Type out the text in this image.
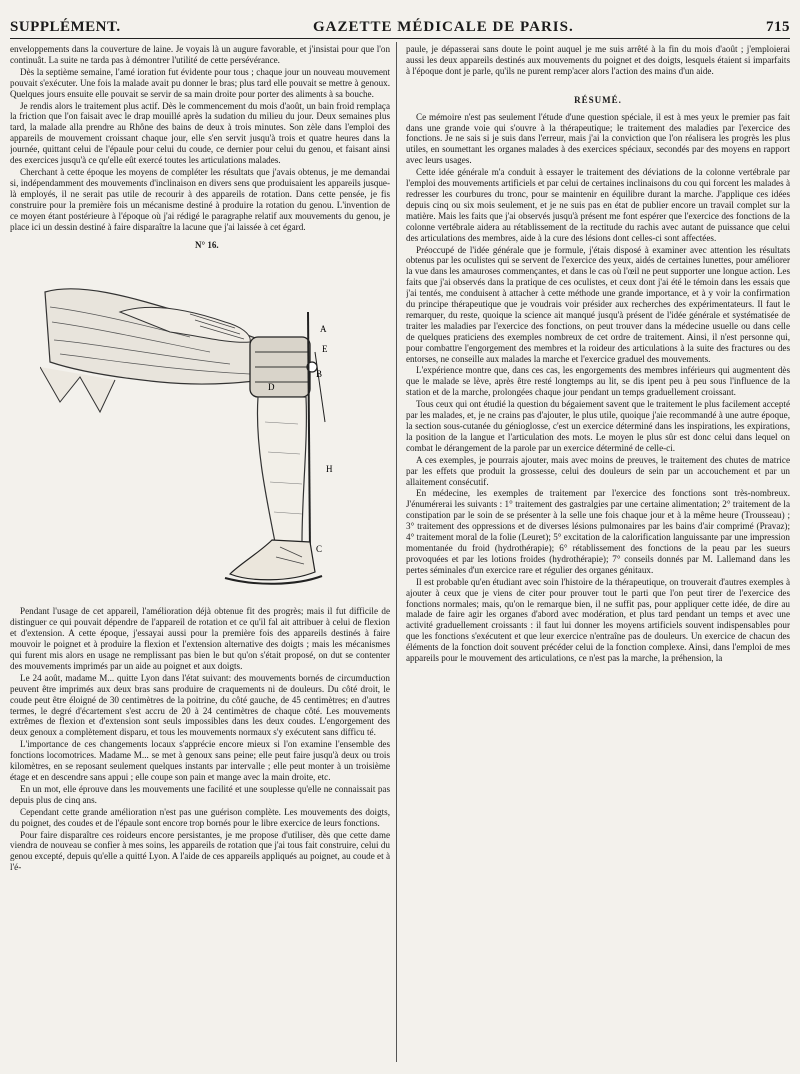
SUPPLÉMENT.	GAZETTE MÉDICALE DE PARIS.	715

enveloppements dans la couverture de laine. Je voyais là un augure favorable, et j'insistai pour que l'on continuât. La suite ne tarda pas à démontrer l'utilité de cette persévérance.

Dès la septième semaine, l'amé ioration fut évidente pour tous ; chaque jour un nouveau mouvement pouvait s'exécuter. Une fois la malade avait pu donner le bras; plus tard elle pouvait se mettre à genoux. Quelques jours ensuite elle pouvait se servir de sa main droite pour porter des aliments à sa bouche.

Je rendis alors le traitement plus actif. Dès le commencement du mois d'août, un bain froid remplaça la friction que l'on faisait avec le drap mouillé après la sudation du milieu du jour. Deux semaines plus tard, la malade alla prendre au Rhône des bains de deux à trois minutes. Son zèle dans l'emploi des appareils de mouvement croissant chaque jour, elle s'en servit jusqu'à trois et quatre heures dans la journée, quittant celui de l'épaule pour celui du coude, ce dernier pour celui du genou, et faisant ainsi des exercices jusqu'à ce qu'elle eût exercé toutes les articulations malades.

Cherchant à cette époque les moyens de compléter les résultats que j'avais obtenus, je me demandai si, indépendamment des mouvements d'inclinaison en divers sens que produisaient les appareils jusque-là employés, il ne serait pas utile de recourir à des appareils de rotation. Dans cette pensée, je fis construire pour la première fois un mécanisme destiné à produire la rotation du genou. L'invention de ce moyen étant postérieure à l'époque où j'ai rédigé le paragraphe relatif aux mouvements du genou, je place ici un dessin destiné à faire disparaître la lacune que j'ai laissée à cet égard.

N° 16.
A
E
B
D
H
C

Pendant l'usage de cet appareil, l'amélioration déjà obtenue fit des progrès; mais il fut difficile de distinguer ce qui pouvait dépendre de l'appareil de rotation et ce qu'il fal ait attribuer à celui de flexion et d'extension. A cette époque, j'essayai aussi pour la première fois des appareils destinés à faire mouvoir le poignet et à produire la flexion et l'extension alternative des doigts ; mais les mécanismes qui furent mis alors en usage ne remplissant pas bien le but qu'on s'était proposé, on dut se contenter des mouvements imprimés par un aide au poignet et aux doigts.

Le 24 août, madame M... quitte Lyon dans l'état suivant: des mouvements bornés de circumduction peuvent être imprimés aux deux bras sans produire de craquements ni de douleurs. Du côté droit, le coude peut être éloigné de 30 centimètres de la poitrine, du côté gauche, de 45 centimètres; en d'autres termes, le degré d'écartement s'est accru de 20 à 24 centimètres de chaque côté. Les mouvements extrêmes de flexion et d'extension sont seuls impossibles dans les deux coudes. L'engorgement des deux genoux a complètement disparu, et tous les mouvements normaux s'y exécutent sans difficu té.

L'importance de ces changements locaux s'apprécie encore mieux si l'on examine l'ensemble des fonctions locomotrices. Madame M... se met à genoux sans peine; elle peut faire jusqu'à deux ou trois kilomètres, en se reposant seulement quelques instants par intervalle ; elle peut monter à un troisième étage et en descendre sans appui ; elle coupe son pain et mange avec la main droite, etc.

En un mot, elle éprouve dans les mouvements une facilité et une souplesse qu'elle ne connaissait pas depuis plus de cinq ans.

Cependant cette grande amélioration n'est pas une guérison complète. Les mouvements des doigts, du poignet, des coudes et de l'épaule sont encore trop bornés pour le libre exercice de leurs fonctions.

Pour faire disparaître ces roideurs encore persistantes, je me propose d'utiliser, dès que cette dame viendra de nouveau se confier à mes soins, les appareils de rotation que j'ai tous fait construire, celui du genou excepté, depuis qu'elle a quitté Lyon. A l'aide de ces appareils appliqués au poignet, au coude et à l'é-

paule, je dépasserai sans doute le point auquel je me suis arrêté à la fin du mois d'août ; j'emploierai aussi les deux appareils destinés aux mouvements du poignet et des doigts, lesquels étaient si imparfaits à l'époque dont je parle, qu'ils ne purent remp'acer alors l'action des mains d'un aide.

RÉSUMÉ.

Ce mémoire n'est pas seulement l'étude d'une question spéciale, il est à mes yeux le premier pas fait dans une grande voie qui s'ouvre à la thérapeutique; le traitement des maladies par l'exercice des fonctions. Je ne sais si je suis dans l'erreur, mais j'ai la conviction que l'on réalisera les progrès les plus utiles, en soumettant les organes malades à des exercices spéciaux, secondés par des moyens en rapport avec leurs usages.

Cette idée générale m'a conduit à essayer le traitement des déviations de la colonne vertébrale par l'emploi des mouvements artificiels et par celui de certaines inclinaisons du cou qui forcent les malades à redresser les courbures du tronc, pour se maintenir en équilibre durant la marche. J'applique ces idées depuis cinq ou six mois seulement, et je ne suis pas en état de publier encore un travail complet sur la matière. Mais les faits que j'ai observés jusqu'à présent me font espérer que l'exercice des fonctions de la colonne vertébrale aidera au rétablissement de la rectitude du rachis avec autant de puissance que celui des articulations des membres, aide à la cure des lésions dont celles-ci sont affectées.

Préoccupé de l'idée générale que je formule, j'étais disposé à examiner avec attention les résultats obtenus par les oculistes qui se servent de l'exercice des yeux, aidés de certaines lunettes, pour améliorer la vue dans les amauroses commençantes, et dans le cas où l'œil ne peut supporter une longue action. Les faits que j'ai observés dans la pratique de ces oculistes, et ceux dont j'ai été le témoin dans les essais que j'ai tentés, me conduisent à attacher à cette méthode une grande importance, et à y voir la confirmation du principe thérapeutique que je voudrais voir présider aux recherches des expérimentateurs. Il faut le remarquer, du reste, quoique la science ait manqué jusqu'à présent de l'idée générale et systématisée de traiter les maladies par l'exercice des fonctions, on peut trouver dans la médecine usuelle ou dans celle de quelques praticiens des exemples nombreux de cet ordre de traitement. Ainsi, il n'est personne qui, pour combattre l'engorgement des membres et la roideur des articulations à la suite des fractures ou des entorses, ne conseille aux malades la marche et l'exercice graduel des mouvements.

L'expérience montre que, dans ces cas, les engorgements des membres inférieurs qui augmentent dès que le malade se lève, après être resté longtemps au lit, se dis ipent peu à peu sous l'influence de la station et de la marche, prolongées chaque jour pendant un temps graduellement croissant.

Tous ceux qui ont étudié la question du bégaiement savent que le traitement le plus facilement accepté par les malades, et, je ne crains pas d'ajouter, le plus utile, quoique j'aie recommandé à une autre époque, la section sous-cutanée du génioglosse, c'est un exercice déterminé dans les inspirations, les expirations, la position de la langue et l'articulation des mots. Le moyen le plus sûr est donc celui dans lequel on combat le dérangement de la parole par un exercice déterminé de celle-ci.

A ces exemples, je pourrais ajouter, mais avec moins de preuves, le traitement des chutes de matrice par les effets que produit la grossesse, celui des douleurs de sein par un accouchement et par un allaitement consécutif.

En médecine, les exemples de traitement par l'exercice des fonctions sont très-nombreux. J'énumérerai les suivants : 1° traitement des gastralgies par une certaine alimentation; 2° traitement de la constipation par le soin de se présenter à la selle une fois chaque jour et à la même heure (Trousseau) ; 3° traitement des oppressions et de diverses lésions pulmonaires par les bains d'air comprimé (Pravaz); 4° traitement moral de la folie (Leuret); 5° excitation de la calorification languissante par une impression momentanée du froid (hydrothérapie); 6° rétablissement des fonctions de la peau par les sueurs provoquées et par les lotions froides (hydrothérapie); 7° conseils donnés par M. Lallemand dans les pertes séminales d'un exercice rare et régulier des organes génitaux.

Il est probable qu'en étudiant avec soin l'histoire de la thérapeutique, on trouverait d'autres exemples à ajouter à ceux que je viens de citer pour prouver tout le parti que l'on peut tirer de l'exercice des fonctions normales; mais, qu'on le remarque bien, il ne suffit pas, pour appliquer cette idée, de dire au malade de faire agir les organes d'abord avec modération, et plus tard pendant un temps et avec une activité graduellement croissants : il faut lui donner les moyens artificiels souvent indispensables pour que les fonctions s'exécutent et que leur exercice n'entraîne pas de douleurs. Un exercice de chacun des éléments de la fonction doit souvent précéder celui de la fonction complexe. Ainsi, dans l'emploi de mes appareils pour le mouvement des articulations, ce n'est pas la marche, la préhension, la
